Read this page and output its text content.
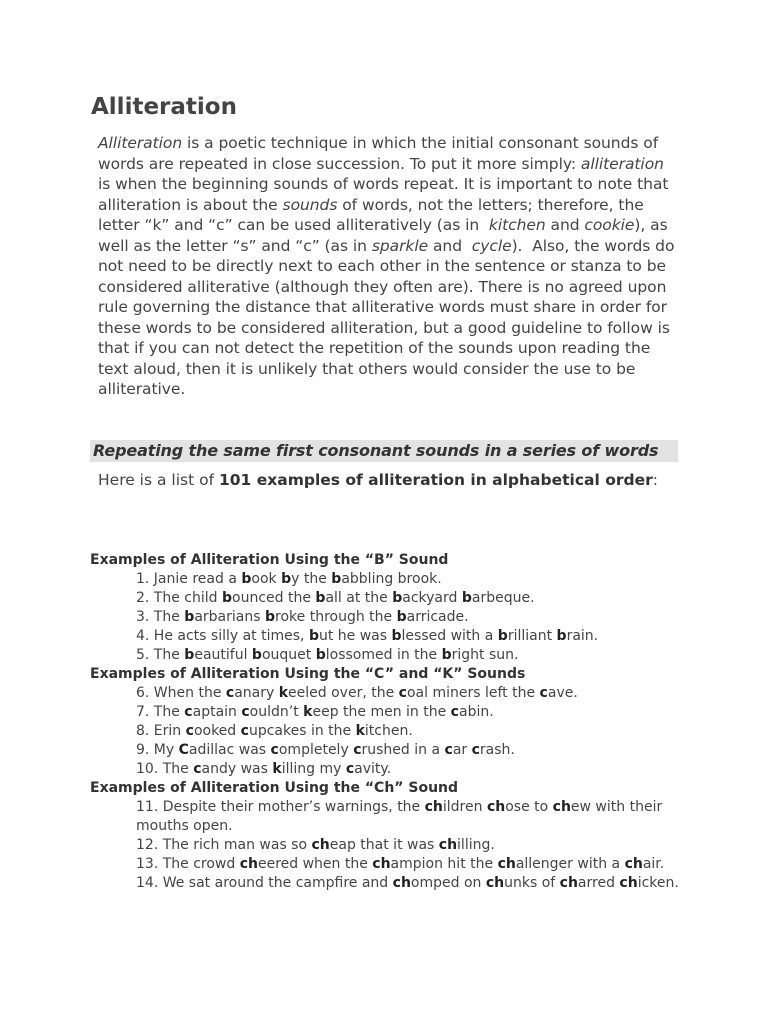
Alliteration

Alliteration is a poetic technique in which the initial consonant sounds of words are repeated in close succession. To put it more simply: alliteration is when the beginning sounds of words repeat. It is important to note that alliteration is about the sounds of words, not the letters; therefore, the letter “k” and “c” can be used alliteratively (as in  kitchen and cookie), as well as the letter “s” and “c” (as in sparkle and  cycle).  Also, the words do not need to be directly next to each other in the sentence or stanza to be considered alliterative (although they often are). There is no agreed upon rule governing the distance that alliterative words must share in order for these words to be considered alliteration, but a good guideline to follow is that if you can not detect the repetition of the sounds upon reading the text aloud, then it is unlikely that others would consider the use to be alliterative.

Repeating the same first consonant sounds in a series of words

Here is a list of 101 examples of alliteration in alphabetical order:

Examples of Alliteration Using the “B” Sound

1. Janie read a book by the babbling brook.

2. The child bounced the ball at the backyard barbeque.

3. The barbarians broke through the barricade.

4. He acts silly at times, but he was blessed with a brilliant brain.

5. The beautiful bouquet blossomed in the bright sun.

Examples of Alliteration Using the “C” and “K” Sounds

6. When the canary keeled over, the coal miners left the cave.

7. The captain couldn’t keep the men in the cabin.

8. Erin cooked cupcakes in the kitchen.

9. My Cadillac was completely crushed in a car crash.

10. The candy was killing my cavity.

Examples of Alliteration Using the “Ch” Sound

11. Despite their mother’s warnings, the children chose to chew with their mouths open.

12. The rich man was so cheap that it was chilling.

13. The crowd cheered when the champion hit the challenger with a chair.

14. We sat around the campfire and chomped on chunks of charred chicken.
